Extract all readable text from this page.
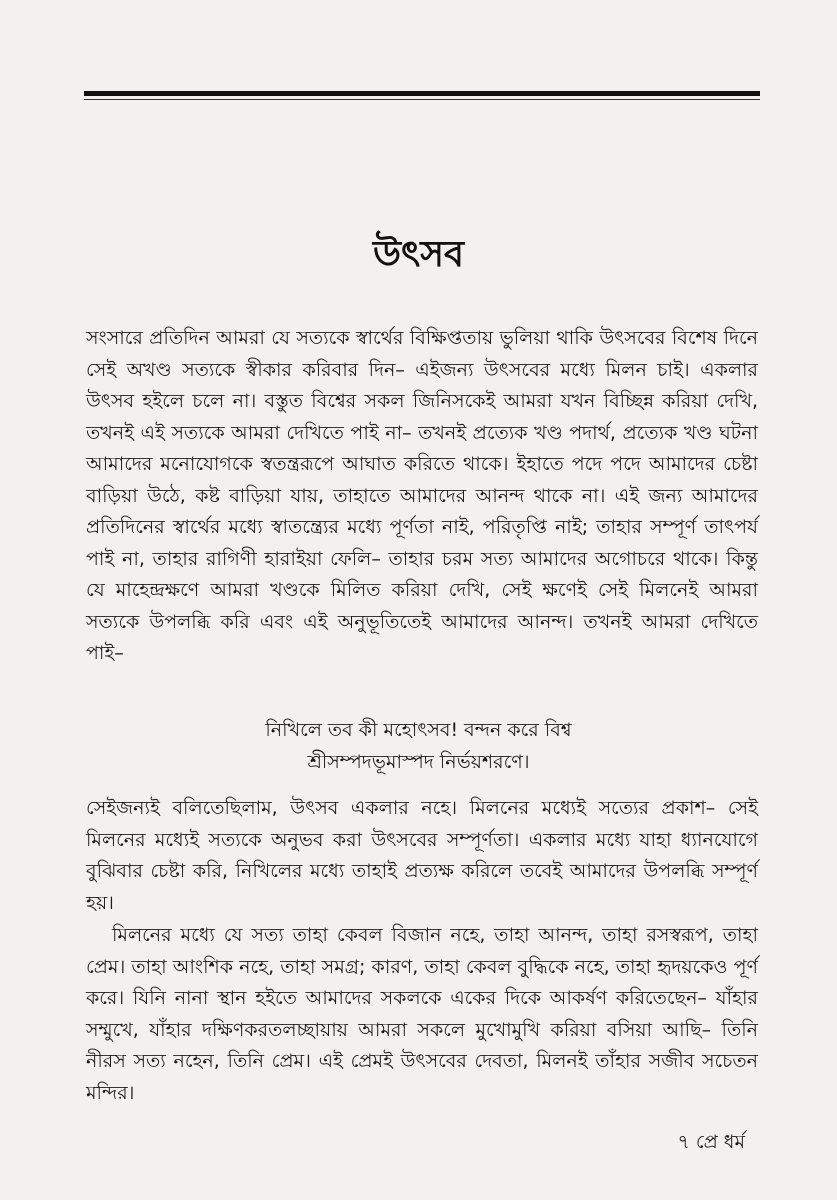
উৎসব
সংসারে প্রতিদিন আমরা যে সত্যকে স্বার্থের বিক্ষিপ্ততায় ভুলিয়া থাকি উৎসবের বিশেষ দিনে সেই অখণ্ড সত্যকে স্বীকার করিবার দিন– এইজন্য উৎসবের মধ্যে মিলন চাই। একলার উৎসব হইলে চলে না। বস্তুত বিশ্বের সকল জিনিসকেই আমরা যখন বিচ্ছিন্ন করিয়া দেখি, তখনই এই সত্যকে আমরা দেখিতে পাই না– তখনই প্রত্যেক খণ্ড পদার্থ, প্রত্যেক খণ্ড ঘটনা আমাদের মনোযোগকে স্বতন্ত্ররূপে আঘাত করিতে থাকে। ইহাতে পদে পদে আমাদের চেষ্টা বাড়িয়া উঠে, কষ্ট বাড়িয়া যায়, তাহাতে আমাদের আনন্দ থাকে না। এই জন্য আমাদের প্রতিদিনের স্বার্থের মধ্যে স্বাতন্ত্র্যের মধ্যে পূর্ণতা নাই, পরিতৃপ্তি নাই; তাহার সম্পূর্ণ তাৎপর্য পাই না, তাহার রাগিণী হারাইয়া ফেলি– তাহার চরম সত্য আমাদের অগোচরে থাকে। কিন্তু যে মাহেন্দ্রক্ষণে আমরা খণ্ডকে মিলিত করিয়া দেখি, সেই ক্ষণেই সেই মিলনেই আমরা সত্যকে উপলব্ধি করি এবং এই অনুভূতিতেই আমাদের আনন্দ। তখনই আমরা দেখিতে পাই–
নিখিলে তব কী মহোৎসব! বন্দন করে বিশ্ব
শ্রীসম্পদভূমাস্পদ নির্ভয়শরণে।
সেইজন্যই বলিতেছিলাম, উৎসব একলার নহে। মিলনের মধ্যেই সত্যের প্রকাশ– সেই মিলনের মধ্যেই সত্যকে অনুভব করা উৎসবের সম্পূর্ণতা। একলার মধ্যে যাহা ধ্যানযোগে বুঝিবার চেষ্টা করি, নিখিলের মধ্যে তাহাই প্রত্যক্ষ করিলে তবেই আমাদের উপলব্ধি সম্পূর্ণ হয়।
মিলনের মধ্যে যে সত্য তাহা কেবল বিজান নহে, তাহা আনন্দ, তাহা রসস্বরূপ, তাহা প্রেম। তাহা আংশিক নহে, তাহা সমগ্র; কারণ, তাহা কেবল বুদ্ধিকে নহে, তাহা হৃদয়কেও পূর্ণ করে। যিনি নানা স্থান হইতে আমাদের সকলকে একের দিকে আকর্ষণ করিতেছেন– যাঁহার সম্মুখে, যাঁহার দক্ষিণকরতলচ্ছায়ায় আমরা সকলে মুখোমুখি করিয়া বসিয়া আছি– তিনি নীরস সত্য নহেন, তিনি প্রেম। এই প্রেমই উৎসবের দেবতা, মিলনই তাঁহার সজীব সচেতন মন্দির।
৭ প্রে ধর্ম
